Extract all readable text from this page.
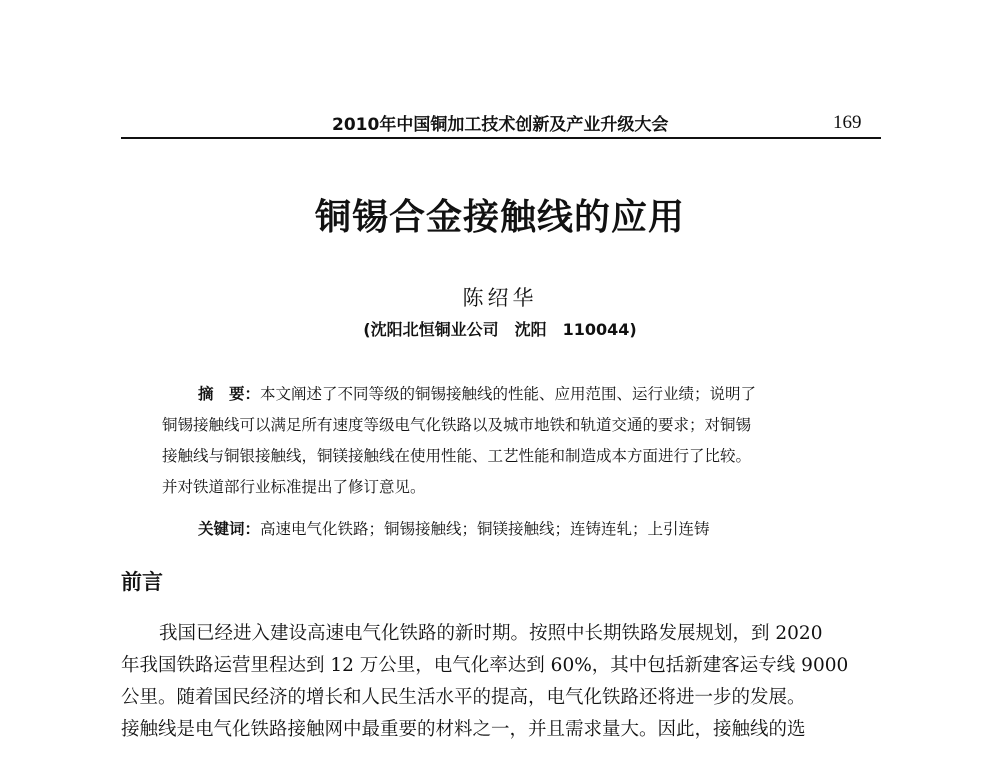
2010年中国铜加工技术创新及产业升级大会	169
铜锡合金接触线的应用
陈绍华
(沈阳北恒铜业公司　沈阳　110044)
摘　要：本文阐述了不同等级的铜锡接触线的性能、应用范围、运行业绩；说明了
铜锡接触线可以满足所有速度等级电气化铁路以及城市地铁和轨道交通的要求；对铜锡
接触线与铜银接触线，铜镁接触线在使用性能、工艺性能和制造成本方面进行了比较。
并对铁道部行业标准提出了修订意见。
关键词：高速电气化铁路；铜锡接触线；铜镁接触线；连铸连轧；上引连铸
前言
我国已经进入建设高速电气化铁路的新时期。按照中长期铁路发展规划，到 2020
年我国铁路运营里程达到 12 万公里，电气化率达到 60%，其中包括新建客运专线 9000
公里。随着国民经济的增长和人民生活水平的提高，电气化铁路还将进一步的发展。
接触线是电气化铁路接触网中最重要的材料之一，并且需求量大。因此，接触线的选
